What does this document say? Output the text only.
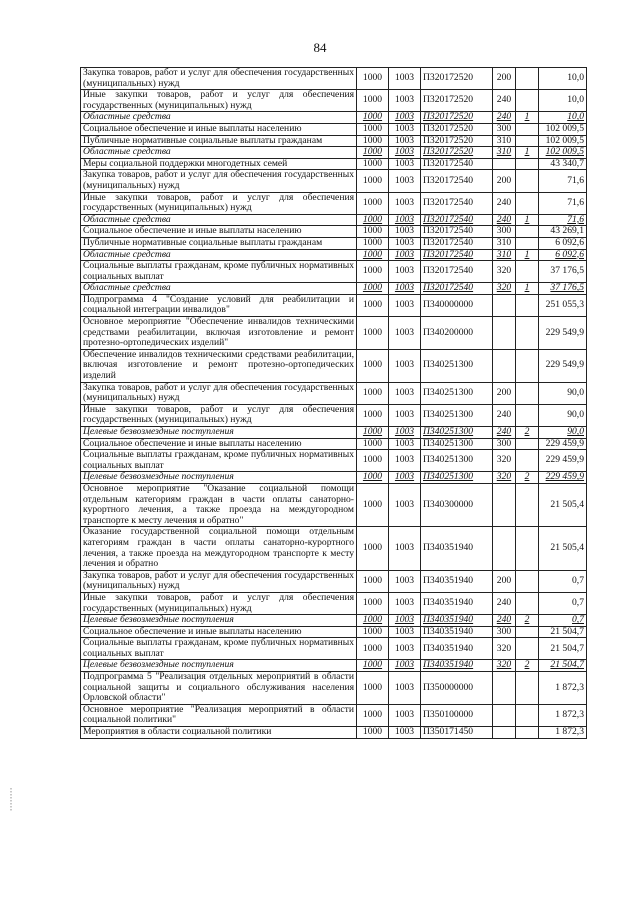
84
Закупка товаров, работ и услуг для обеспечения государственных (муниципальных) нужд	1000	1003	П320172520	200		10,0
Иные закупки товаров, работ и услуг для обеспечения государственных (муниципальных) нужд	1000	1003	П320172520	240		10,0
Областные средства	1000	1003	П320172520	240	1	10,0
Социальное обеспечение и иные выплаты населению	1000	1003	П320172520	300		102 009,5
Публичные нормативные социальные выплаты гражданам	1000	1003	П320172520	310		102 009,5
Областные средства	1000	1003	П320172520	310	1	102 009,5
Меры социальной поддержки многодетных семей	1000	1003	П320172540			43 340,7
Закупка товаров, работ и услуг для обеспечения государственных (муниципальных) нужд	1000	1003	П320172540	200		71,6
Иные закупки товаров, работ и услуг для обеспечения государственных (муниципальных) нужд	1000	1003	П320172540	240		71,6
Областные средства	1000	1003	П320172540	240	1	71,6
Социальное обеспечение и иные выплаты населению	1000	1003	П320172540	300		43 269,1
Публичные нормативные социальные выплаты гражданам	1000	1003	П320172540	310		6 092,6
Областные средства	1000	1003	П320172540	310	1	6 092,6
Социальные выплаты гражданам, кроме публичных нормативных социальных выплат	1000	1003	П320172540	320		37 176,5
Областные средства	1000	1003	П320172540	320	1	37 176,5
Подпрограмма 4 "Создание условий для реабилитации и социальной интеграции инвалидов"	1000	1003	П340000000			251 055,3
Основное мероприятие "Обеспечение инвалидов техническими средствами реабилитации, включая изготовление и ремонт протезно-ортопедических изделий"	1000	1003	П340200000			229 549,9
Обеспечение инвалидов техническими средствами реабилитации, включая изготовление и ремонт протезно-ортопедических изделий	1000	1003	П340251300			229 549,9
Закупка товаров, работ и услуг для обеспечения государственных (муниципальных) нужд	1000	1003	П340251300	200		90,0
Иные закупки товаров, работ и услуг для обеспечения государственных (муниципальных) нужд	1000	1003	П340251300	240		90,0
Целевые безвозмездные поступления	1000	1003	П340251300	240	2	90,0
Социальное обеспечение и иные выплаты населению	1000	1003	П340251300	300		229 459,9
Социальные выплаты гражданам, кроме публичных нормативных социальных выплат	1000	1003	П340251300	320		229 459,9
Целевые безвозмездные поступления	1000	1003	П340251300	320	2	229 459,9
Основное мероприятие "Оказание социальной помощи отдельным категориям граждан в части оплаты санаторно-курортного лечения, а также проезда на междугородном транспорте к месту лечения и обратно"	1000	1003	П340300000			21 505,4
Оказание государственной социальной помощи отдельным категориям граждан в части оплаты санаторно-курортного лечения, а также проезда на междугородном транспорте к месту лечения и обратно	1000	1003	П340351940			21 505,4
Закупка товаров, работ и услуг для обеспечения государственных (муниципальных) нужд	1000	1003	П340351940	200		0,7
Иные закупки товаров, работ и услуг для обеспечения государственных (муниципальных) нужд	1000	1003	П340351940	240		0,7
Целевые безвозмездные поступления	1000	1003	П340351940	240	2	0,7
Социальное обеспечение и иные выплаты населению	1000	1003	П340351940	300		21 504,7
Социальные выплаты гражданам, кроме публичных нормативных социальных выплат	1000	1003	П340351940	320		21 504,7
Целевые безвозмездные поступления	1000	1003	П340351940	320	2	21 504,7
Подпрограмма 5 "Реализация отдельных мероприятий в области социальной защиты и социального обслуживания населения Орловской области"	1000	1003	П350000000			1 872,3
Основное мероприятие "Реализация мероприятий в области социальной политики"	1000	1003	П350100000			1 872,3
Мероприятия в области социальной политики	1000	1003	П350171450			1 872,3
